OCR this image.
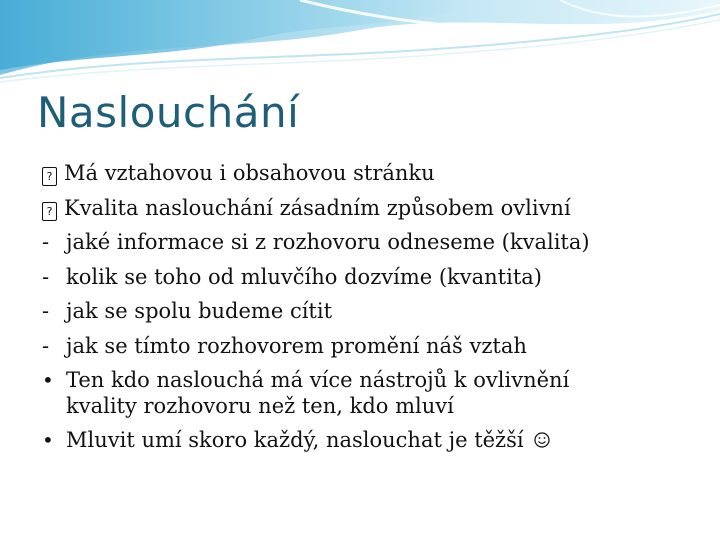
Naslouchání
? Má vztahovou i obsahovou stránku
? Kvalita naslouchání zásadním způsobem ovlivní
-
jaké informace si z rozhovoru odneseme (kvalita)
-
kolik se toho od mluvčího dozvíme (kvantita)
-
jak se spolu budeme cítit
-
jak se tímto rozhovorem promění náš vztah
•
Ten kdo naslouchá má více nástrojů k ovlivnění kvality rozhovoru než ten, kdo mluví
•
Mluvit umí skoro každý, naslouchat je těžší
